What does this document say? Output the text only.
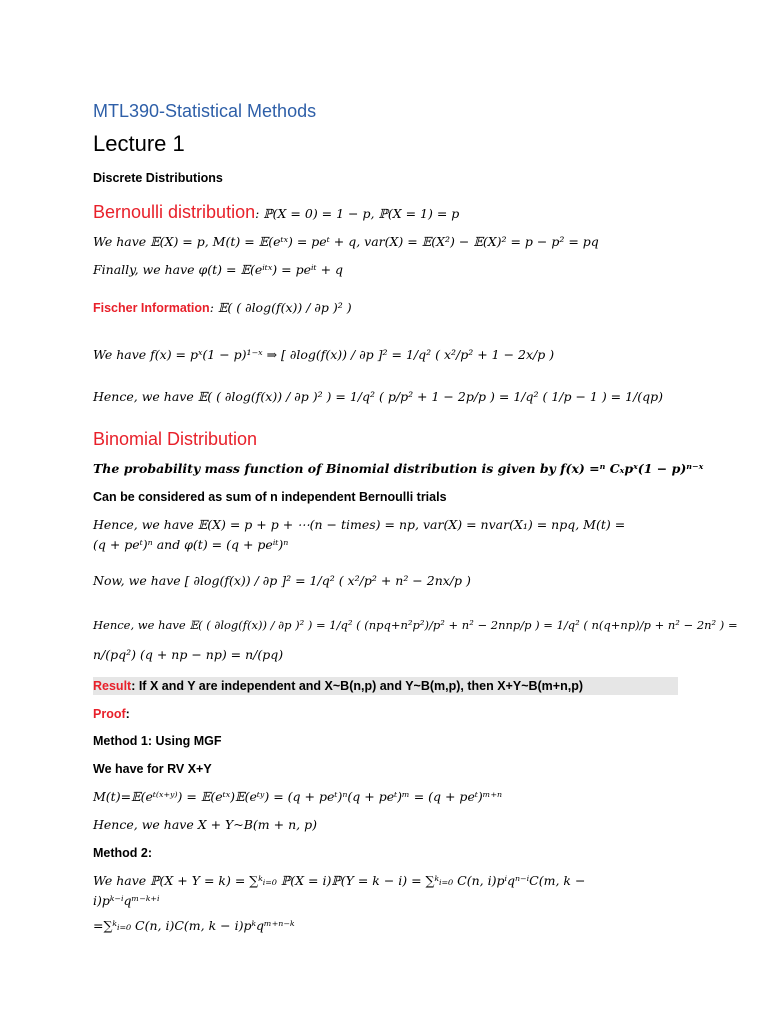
MTL390-Statistical Methods
Lecture 1
Discrete Distributions
Bernoulli distribution: ℙ(X = 0) = 1 − p, ℙ(X = 1) = p
We have 𝔼(X) = p, M(t) = 𝔼(eᵗˣ) = peᵗ + q, var(X) = 𝔼(X²) − 𝔼(X)² = p − p² = pq
Finally, we have φ(t) = 𝔼(eⁱᵗˣ) = peⁱᵗ + q
Fischer Information: 𝔼( ( ∂log(f(x)) / ∂p )² )
We have f(x) = pˣ(1 − p)¹⁻ˣ ⇒ [ ∂log(f(x)) / ∂p ]² = 1/q² ( x²/p² + 1 − 2x/p )
Hence, we have 𝔼( ( ∂log(f(x)) / ∂p )² ) = 1/q² ( p/p² + 1 − 2p/p ) = 1/q² ( 1/p − 1 ) = 1/(qp)
Binomial Distribution
The probability mass function of Binomial distribution is given by f(x) =ⁿ Cₓpˣ(1 − p)ⁿ⁻ˣ
Can be considered as sum of n independent Bernoulli trials
Hence, we have 𝔼(X) = p + p + ⋯(n − times) = np, var(X) = nvar(X₁) = npq, M(t) =
(q + peᵗ)ⁿ and φ(t) = (q + peⁱᵗ)ⁿ
Now, we have [ ∂log(f(x)) / ∂p ]² = 1/q² ( x²/p² + n² − 2nx/p )
Hence, we have 𝔼( ( ∂log(f(x)) / ∂p )² ) = 1/q² ( (npq+n²p²)/p² + n² − 2nnp/p ) = 1/q² ( n(q+np)/p + n² − 2n² ) =
n/(pq²) (q + np − np) = n/(pq)
Result: If X and Y are independent and X~B(n,p) and Y~B(m,p), then X+Y~B(m+n,p)
Proof:
Method 1: Using MGF
We have for RV X+Y
M(t)=𝔼(eᵗ⁽ˣ⁺ʸ⁾) = 𝔼(eᵗˣ)𝔼(eᵗʸ) = (q + peᵗ)ⁿ(q + peᵗ)ᵐ = (q + peᵗ)ᵐ⁺ⁿ
Hence, we have X + Y~B(m + n, p)
Method 2:
We have ℙ(X + Y = k) = ∑ᵏᵢ₌₀ ℙ(X = i)ℙ(Y = k − i) = ∑ᵏᵢ₌₀ C(n, i)pⁱqⁿ⁻ⁱC(m, k −
i)pᵏ⁻ⁱqᵐ⁻ᵏ⁺ⁱ
=∑ᵏᵢ₌₀ C(n, i)C(m, k − i)pᵏqᵐ⁺ⁿ⁻ᵏ
